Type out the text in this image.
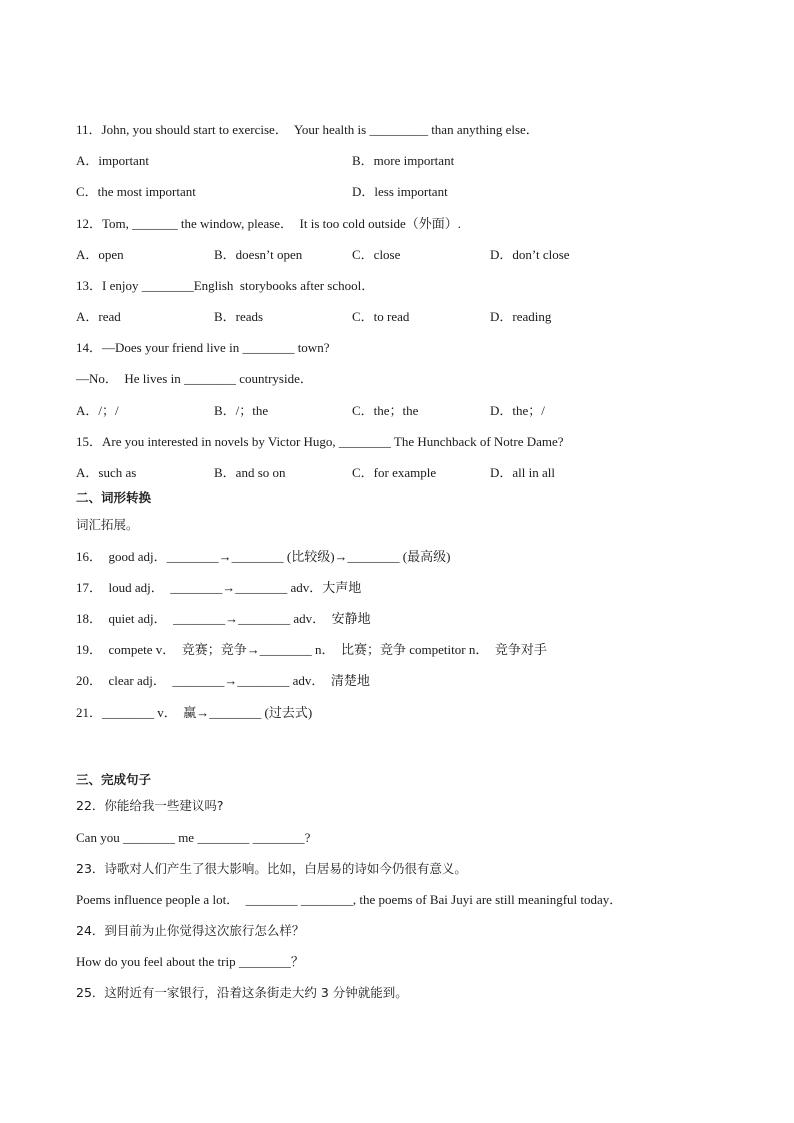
11．John, you should start to exercise．  Your health is _________ than anything else．
A．important	B．more important
C．the most important	D．less important
12．Tom, _______ the window, please．  It is too cold outside（外面）.
A．open	B．doesn’t open	C．close	D．don’t close
13．I enjoy ________English  storybooks after school．
A．read	B．reads	C．to read	D．reading
14．—Does your friend live in ________ town?
—No．  He lives in ________ countryside．
A．/；/	B．/；the	C．the；the	D．the；/
15．Are you interested in novels by Victor Hugo, ________ The Hunchback of Notre Dame?
A．such as	B．and so on	C．for example	D．all in all
二、词形转换
词汇拓展。
16．  good adj．________→________ (比较级)→________ (最高级)
17．  loud adj．  ________→________ adv．大声地
18．  quiet adj．  ________→________ adv．  安静地
19．  compete v．  竞赛；竞争→________ n．  比赛；竞争 competitor n．  竞争对手
20．  clear adj．  ________→________ adv．  清楚地
21．________ v．  赢→________ (过去式)
三、完成句子
22．你能给我一些建议吗?
Can you ________ me ________ ________?
23．诗歌对人们产生了很大影响。比如，白居易的诗如今仍很有意义。
Poems influence people a lot．  ________ ________, the poems of Bai Juyi are still meaningful today．
24．到目前为止你觉得这次旅行怎么样？
How do you feel about the trip ________？
25．这附近有一家银行，沿着这条街走大约 3 分钟就能到。
